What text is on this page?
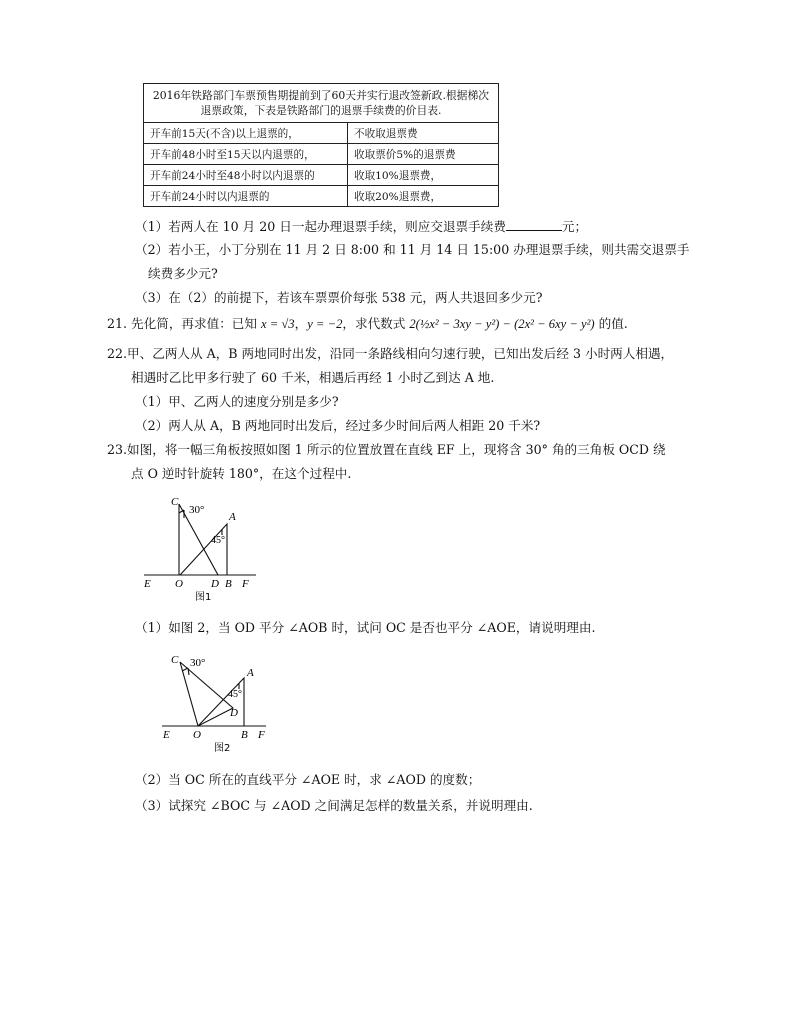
2016年铁路部门车票预售期提前到了60天并实行退改签新政.根据梯次
退票政策，下表是铁路部门的退票手续费的价目表.	
开车前15天(不含)以上退票的，	不收取退票费
开车前48小时至15天以内退票的，	收取票价5%的退票费
开车前24小时至48小时以内退票的	收取10%退票费，
开车前24小时以内退票的	收取20%退票费，
（1）若两人在 10 月 20 日一起办理退票手续，则应交退票手续费	元；
（2）若小王，小丁分别在 11 月 2 日 8:00 和 11 月 14 日 15:00 办理退票手续，则共需交退票手
续费多少元?
（3）在（2）的前提下，若该车票票价每张 538 元，两人共退回多少元?
21. 先化简，再求值：已知 x = √3，y = −2，求代数式 2(½x² − 3xy − y²) − (2x² − 6xy − y²) 的值.
22.甲、乙两人从 A，B 两地同时出发，沿同一条路线相向匀速行驶，已知出发后经 3 小时两人相遇，
相遇时乙比甲多行驶了 60 千米，相遇后再经 1 小时乙到达 A 地.
（1）甲、乙两人的速度分别是多少?
（2）两人从 A，B 两地同时出发后，经过多少时间后两人相距 20 千米?
23.如图，将一幅三角板按照如图 1 所示的位置放置在直线 EF 上，现将含 30° 角的三角板 OCD 绕
点 O 逆时针旋转 180°，在这个过程中.
C
30°
A
45°
E O	D B F
图1
（1）如图 2，当 OD 平分 ∠AOB 时，试问 OC 是否也平分 ∠AOE，请说明理由.
C 30°
A
45°
D
E O	B F
图2
（2）当 OC 所在的直线平分 ∠AOE 时，求 ∠AOD 的度数；
（3）试探究 ∠BOC 与 ∠AOD 之间满足怎样的数量关系，并说明理由.
